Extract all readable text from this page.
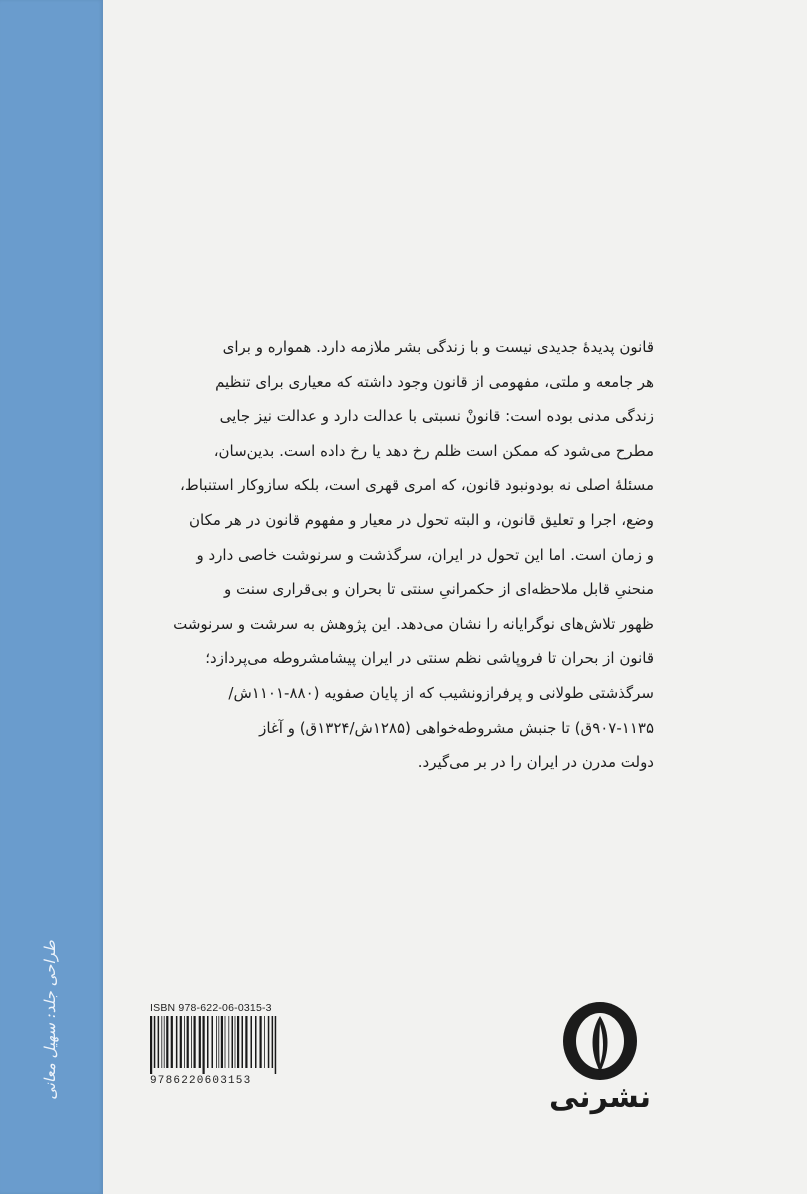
طراحی جلد: سهیل معانی

قانون پدیدهٔ جدیدی نیست و با زندگی بشر ملازمه دارد. همواره و برای
هر جامعه و ملتی، مفهومی از قانون وجود داشته که معیاری برای تنظیم
زندگی مدنی بوده است: قانونْ نسبتی با عدالت دارد و عدالت نیز جایی
مطرح می‌شود که ممکن است ظلم رخ دهد یا رخ داده است. بدین‌سان،
مسئلهٔ اصلی نه بودونبود قانون، که امری قهری است، بلکه سازوکار استنباط،
وضع، اجرا و تعلیق قانون، و البته تحول در معیار و مفهوم قانون در هر مکان
و زمان است. اما این تحول در ایران، سرگذشت و سرنوشت خاصی دارد و
منحنیِ قابل ملاحظه‌ای از حکمرانیِ سنتی تا بحران و بی‌قراری سنت و
ظهور تلاش‌های نوگرایانه را نشان می‌دهد. این پژوهش به سرشت و سرنوشت
قانون از بحران تا فروپاشی نظم سنتی در ایران پیشامشروطه می‌پردازد؛
سرگذشتی طولانی و پرفرازونشیب که از پایان صفویه (۸۸۰-۱۱۰۱ش/
۹۰۷-۱۱۳۵ق) تا جنبش مشروطه‌خواهی (۱۲۸۵ش/۱۳۲۴ق) و آغاز
دولت مدرن در ایران را در بر می‌گیرد.

ISBN 978-622-06-0315-3
9786220603153	نشرنی
